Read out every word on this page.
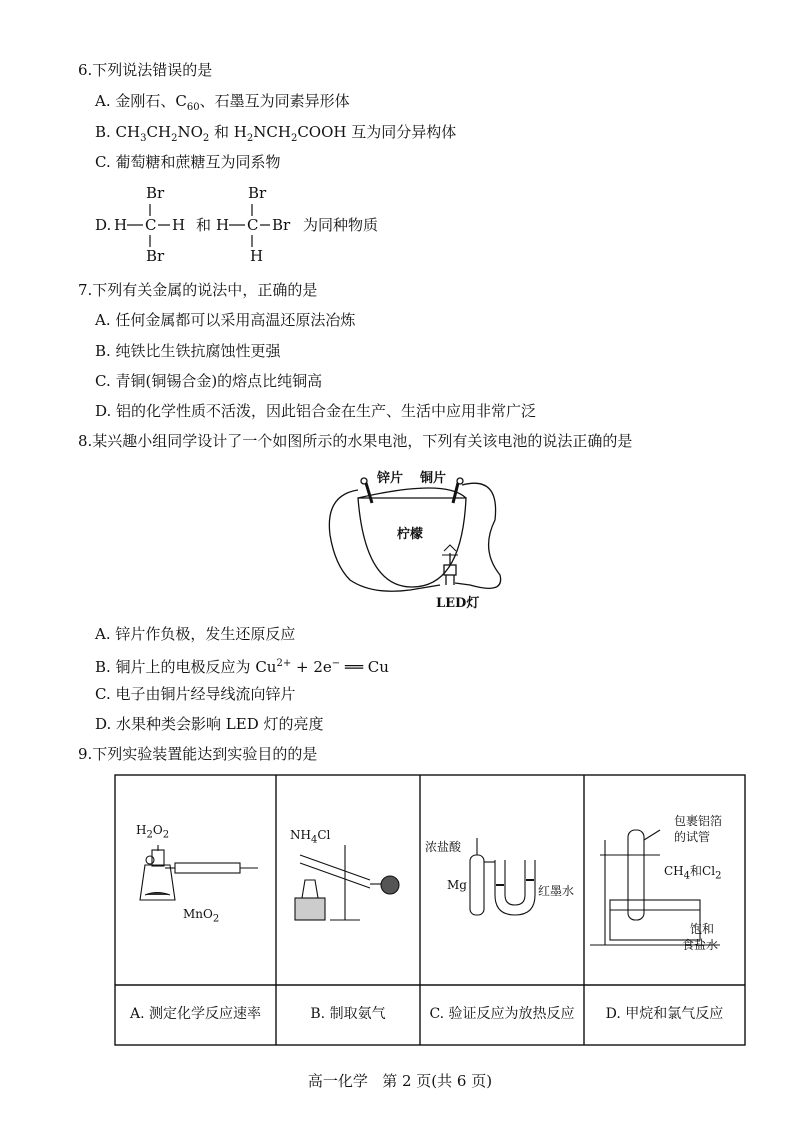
6.下列说法错误的是
A. 金刚石、$C_{60}$、石墨互为同素异形体
B. $CH_3CH_2NO_2$ 和 $H_2NCH_2COOH$ 互为同分异构体
C. 葡萄糖和蔗糖互为同系物
D.
Br
H C H
Br
和
Br
H C Br
H
为同种物质
7.下列有关金属的说法中，正确的是
A. 任何金属都可以采用高温还原法冶炼
B. 纯铁比生铁抗腐蚀性更强
C. 青铜(铜锡合金)的熔点比纯铜高
D. 铝的化学性质不活泼，因此铝合金在生产、生活中应用非常广泛
8.某兴趣小组同学设计了一个如图所示的水果电池，下列有关该电池的说法正确的是
锌片 铜片
柠檬
LED灯
A. 锌片作负极，发生还原反应
B. 铜片上的电极反应为 $Cu^{2+} + 2e^-$ ══ Cu
C. 电子由铜片经导线流向锌片
D. 水果种类会影响 LED 灯的亮度
9.下列实验装置能达到实验目的的是
$H_2O_2$
MnO$_2$
$NH_4Cl$
浓盐酸
Mg	红墨水
包裹铝箔
的试管
$CH_4$和$Cl_2$
饱和
食盐水
A. 测定化学反应速率	B. 制取氨气	C. 验证反应为放热反应	D. 甲烷和氯气反应
高一化学   第 2 页(共 6 页)
